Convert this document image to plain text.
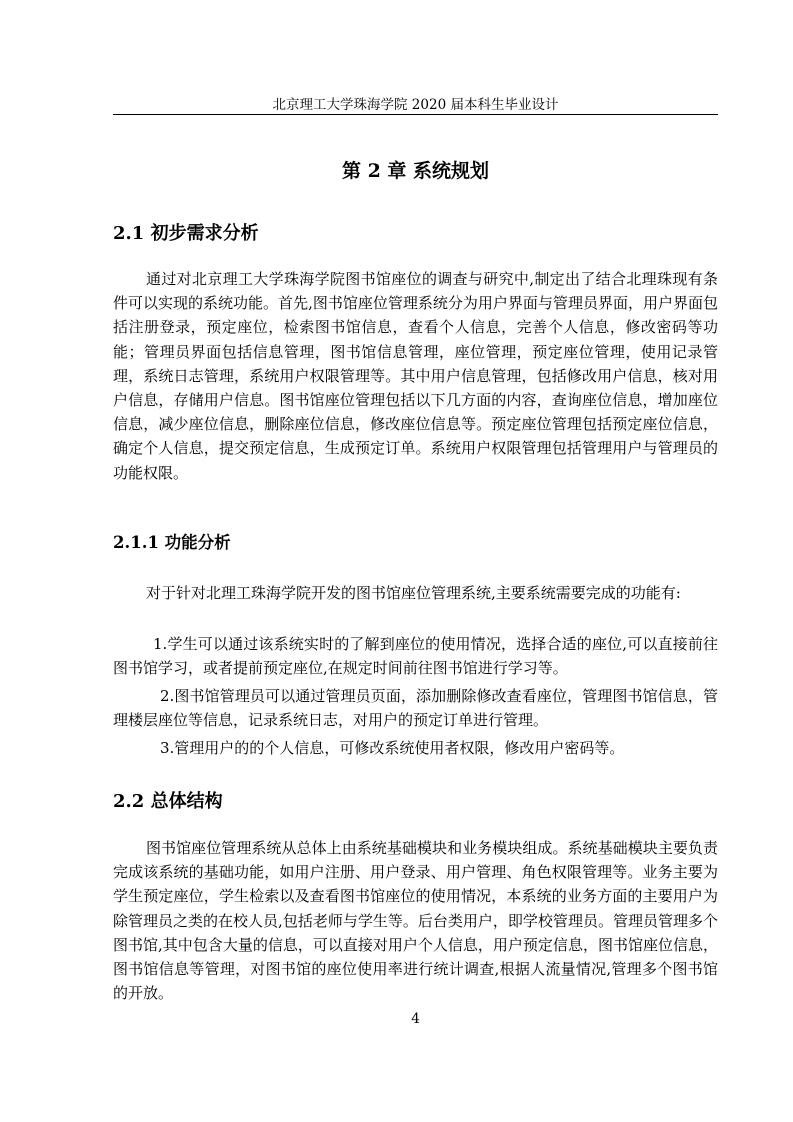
北京理工大学珠海学院 2020 届本科生毕业设计
第 2 章 系统规划
2.1 初步需求分析
通过对北京理工大学珠海学院图书馆座位的调查与研究中,制定出了结合北理珠现有条件可以实现的系统功能。首先,图书馆座位管理系统分为用户界面与管理员界面，用户界面包括注册登录，预定座位，检索图书馆信息，查看个人信息，完善个人信息，修改密码等功能；管理员界面包括信息管理，图书馆信息管理，座位管理，预定座位管理，使用记录管理，系统日志管理，系统用户权限管理等。其中用户信息管理，包括修改用户信息，核对用户信息，存储用户信息。图书馆座位管理包括以下几方面的内容，查询座位信息，增加座位信息，减少座位信息，删除座位信息，修改座位信息等。预定座位管理包括预定座位信息，确定个人信息，提交预定信息，生成预定订单。系统用户权限管理包括管理用户与管理员的功能权限。
2.1.1 功能分析
对于针对北理工珠海学院开发的图书馆座位管理系统,主要系统需要完成的功能有:
1.学生可以通过该系统实时的了解到座位的使用情况，选择合适的座位,可以直接前往图书馆学习，或者提前预定座位,在规定时间前往图书馆进行学习等。
2.图书馆管理员可以通过管理员页面，添加删除修改查看座位，管理图书馆信息，管理楼层座位等信息，记录系统日志，对用户的预定订单进行管理。
3.管理用户的的个人信息，可修改系统使用者权限，修改用户密码等。
2.2 总体结构
图书馆座位管理系统从总体上由系统基础模块和业务模块组成。系统基础模块主要负责完成该系统的基础功能，如用户注册、用户登录、用户管理、角色权限管理等。业务主要为学生预定座位，学生检索以及查看图书馆座位的使用情况，本系统的业务方面的主要用户为除管理员之类的在校人员,包括老师与学生等。后台类用户，即学校管理员。管理员管理多个图书馆,其中包含大量的信息，可以直接对用户个人信息，用户预定信息，图书馆座位信息，图书馆信息等管理，对图书馆的座位使用率进行统计调查,根据人流量情况,管理多个图书馆的开放。
4
